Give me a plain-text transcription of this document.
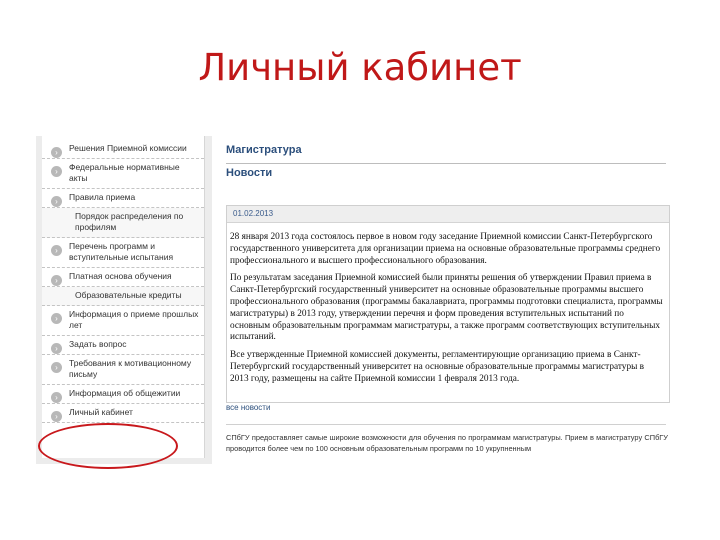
Личный кабинет
›	Решения Приемной комиссии
›	Федеральные нормативные акты
›	Правила приема
Порядок распределения по профилям
›	Перечень программ и вступительные испытания
›	Платная основа обучения
Образовательные кредиты
›	Информация о приеме прошлых лет
›	Задать вопрос
›	Требования к мотивационному письму
›	Информация об общежитии
›	Личный кабинет
Магистратура
Новости
01.02.2013

28 января 2013 года состоялось первое в новом году заседание Приемной комиссии Санкт-Петербургского государственного университета для организации приема на основные образовательные программы среднего профессионального и высшего профессионального образования.

По результатам заседания Приемной комиссией были приняты решения об утверждении Правил приема в Санкт-Петербургский государственный университет на основные образовательные программы высшего профессионального образования (программы бакалавриата, программы подготовки специалиста, программы магистратуры) в 2013 году, утверждении перечня и форм проведения вступительных испытаний по основным образовательным программам магистратуры, а также программ соответствующих вступительных испытаний.

Все утвержденные Приемной комиссией документы, регламентирующие организацию приема в Санкт-Петербургский государственный университет на основные образовательные программы магистратуры в 2013 году, размещены на сайте Приемной комиссии 1 февраля 2013 года.

все новости
СПбГУ предоставляет самые широкие возможности для обучения по программам магистратуры. Прием в магистратуру СПбГУ проводится более чем по 100 основным образовательным программ по 10 укрупненным
